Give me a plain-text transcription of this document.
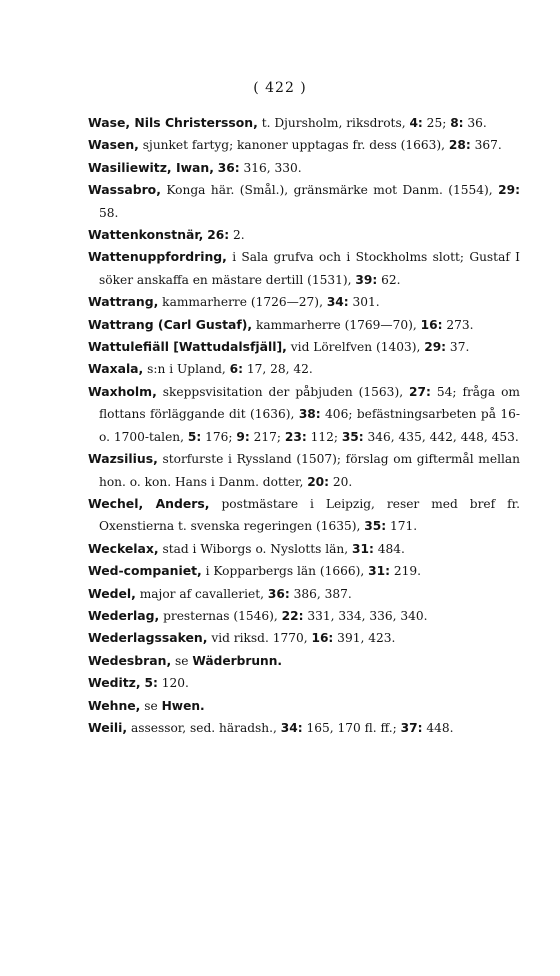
( 422 )

Wase, Nils Christersson, t. Djursholm, riksdrots, 4: 25; 8: 36.

Wasen, sjunket fartyg; kanoner upptagas fr. dess (1663), 28: 367.

Wasiliewitz, Iwan, 36: 316, 330.

Wassabro, Konga här. (Smål.), gränsmärke mot Danm. (1554), 29: 58.

Wattenkonstnär, 26: 2.

Wattenuppfordring, i Sala grufva och i Stockholms slott; Gustaf I söker anskaffa en mästare dertill (1531), 39: 62.

Wattrang, kammarherre (1726—27), 34: 301.

Wattrang (Carl Gustaf), kammarherre (1769—70), 16: 273.

Wattulefiäll [Wattudalsfjäll], vid Lörelfven (1403), 29: 37.

Waxala, s:n i Upland, 6: 17, 28, 42.

Waxholm, skeppsvisitation der påbjuden (1563), 27: 54; fråga om flottans förläggande dit (1636), 38: 406; befästningsarbeten på 16- o. 1700-talen, 5: 176; 9: 217; 23: 112; 35: 346, 435, 442, 448, 453.

Wazsilius, storfurste i Ryssland (1507); förslag om giftermål mellan hon. o. kon. Hans i Danm. dotter, 20: 20.

Wechel, Anders, postmästare i Leipzig, reser med bref fr. Oxenstierna t. svenska regeringen (1635), 35: 171.

Weckelax, stad i Wiborgs o. Nyslotts län, 31: 484.

Wed-companiet, i Kopparbergs län (1666), 31: 219.

Wedel, major af cavalleriet, 36: 386, 387.

Wederlag, presternas (1546), 22: 331, 334, 336, 340.

Wederlagssaken, vid riksd. 1770, 16: 391, 423.

Wedesbran, se Wäderbrunn.

Weditz, 5: 120.

Wehne, se Hwen.

Weili, assessor, sed. häradsh., 34: 165, 170 fl. ff.; 37: 448.
